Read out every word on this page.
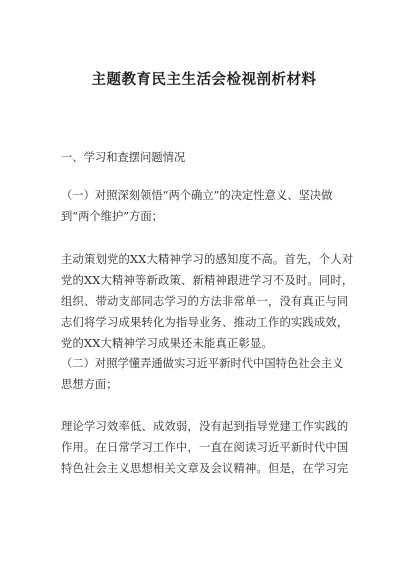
主题教育民主生活会检视剖析材料
一、学习和查摆问题情况
（一）对照深刻领悟“两个确立”的决定性意义、坚决做
到“两个维护”方面；
主动策划党的XX大精神学习的感知度不高。首先，个人对
党的XX大精神等新政策、新精神跟进学习不及时。同时，
组织、带动支部同志学习的方法非常单一，没有真正与同
志们将学习成果转化为指导业务、推动工作的实践成效，
党的XX大精神学习成果还未能真正彰显。
（二）对照学懂弄通做实习近平新时代中国特色社会主义
思想方面；
理论学习效率低、成效弱，没有起到指导党建工作实践的
作用。在日常学习工作中，一直在阅读习近平新时代中国
特色社会主义思想相关文章及会议精神。但是，在学习完
